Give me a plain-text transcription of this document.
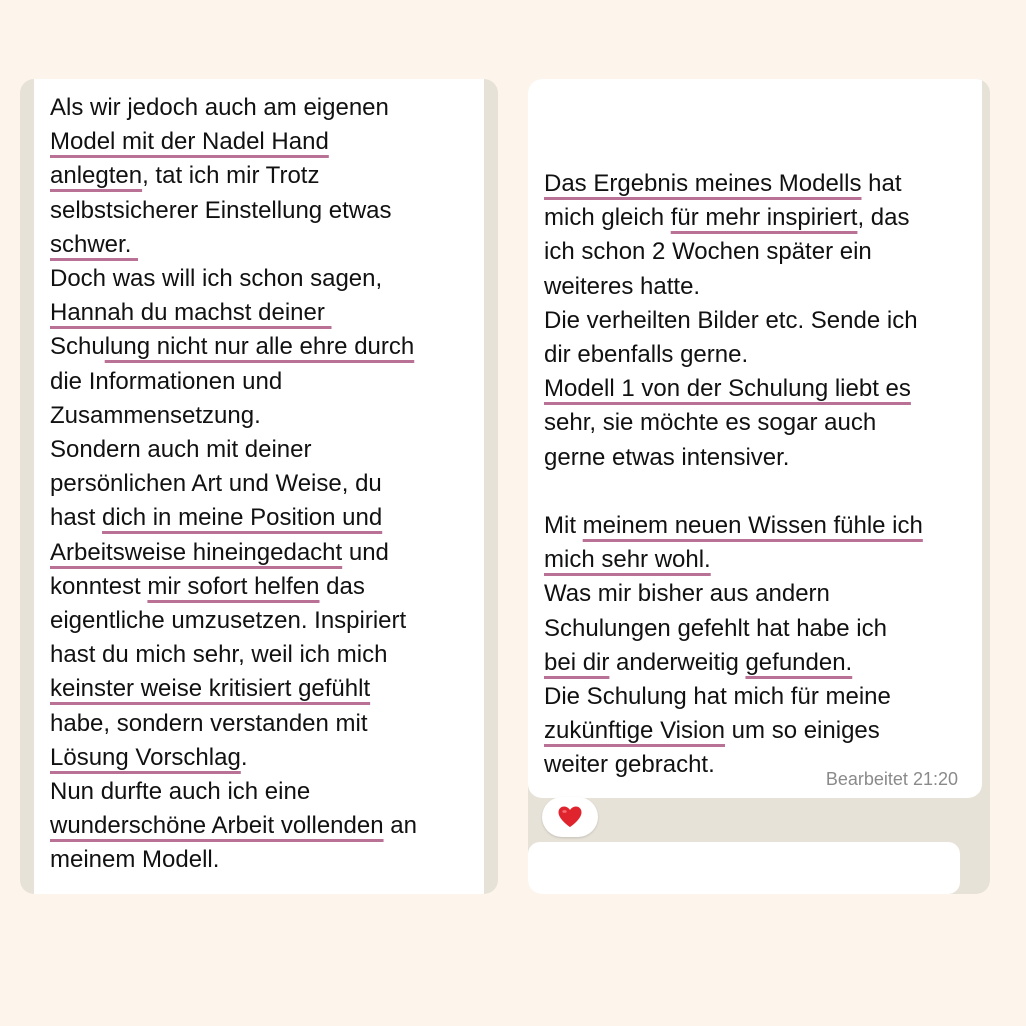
Als wir jedoch auch am eigenen
Model mit der Nadel Hand
anlegten, tat ich mir Trotz
selbstsicherer Einstellung etwas
schwer.
Doch was will ich schon sagen,
Hannah du machst deiner
Schulung nicht nur alle ehre durch
die Informationen und
Zusammensetzung.
Sondern auch mit deiner
persönlichen Art und Weise, du
hast dich in meine Position und
Arbeitsweise hineingedacht und
konntest mir sofort helfen das
eigentliche umzusetzen. Inspiriert
hast du mich sehr, weil ich mich
keinster weise kritisiert gefühlt
habe, sondern verstanden mit
Lösung Vorschlag.
Nun durfte auch ich eine
wunderschöne Arbeit vollenden an
meinem Modell.
Das Ergebnis meines Modells hat
mich gleich für mehr inspiriert, das
ich schon 2 Wochen später ein
weiteres hatte.
Die verheilten Bilder etc. Sende ich
dir ebenfalls gerne.
Modell 1 von der Schulung liebt es
sehr, sie möchte es sogar auch
gerne etwas intensiver.

Mit meinem neuen Wissen fühle ich
mich sehr wohl.
Was mir bisher aus andern
Schulungen gefehlt hat habe ich
bei dir anderweitig gefunden.
Die Schulung hat mich für meine
zukünftige Vision um so einiges
weiter gebracht.
Bearbeitet 21:20
